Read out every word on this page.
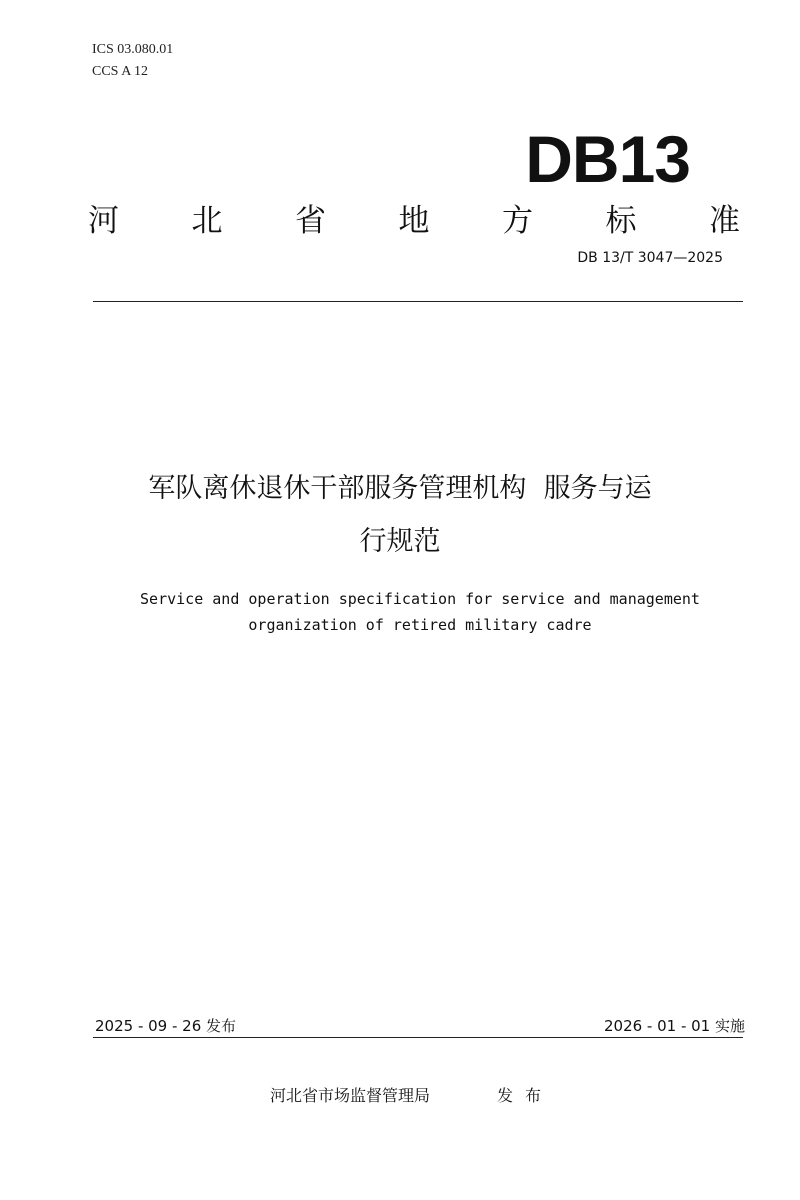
ICS 03.080.01
CCS A 12
DB13
河 北 省 地 方 标 准
DB 13/T 3047—2025
军队离休退休干部服务管理机构  服务与运
行规范
Service and operation specification for service and management
organization of retired military cadre
2025 - 09 - 26 发布	2026 - 01 - 01 实施
河北省市场监督管理局	发布
